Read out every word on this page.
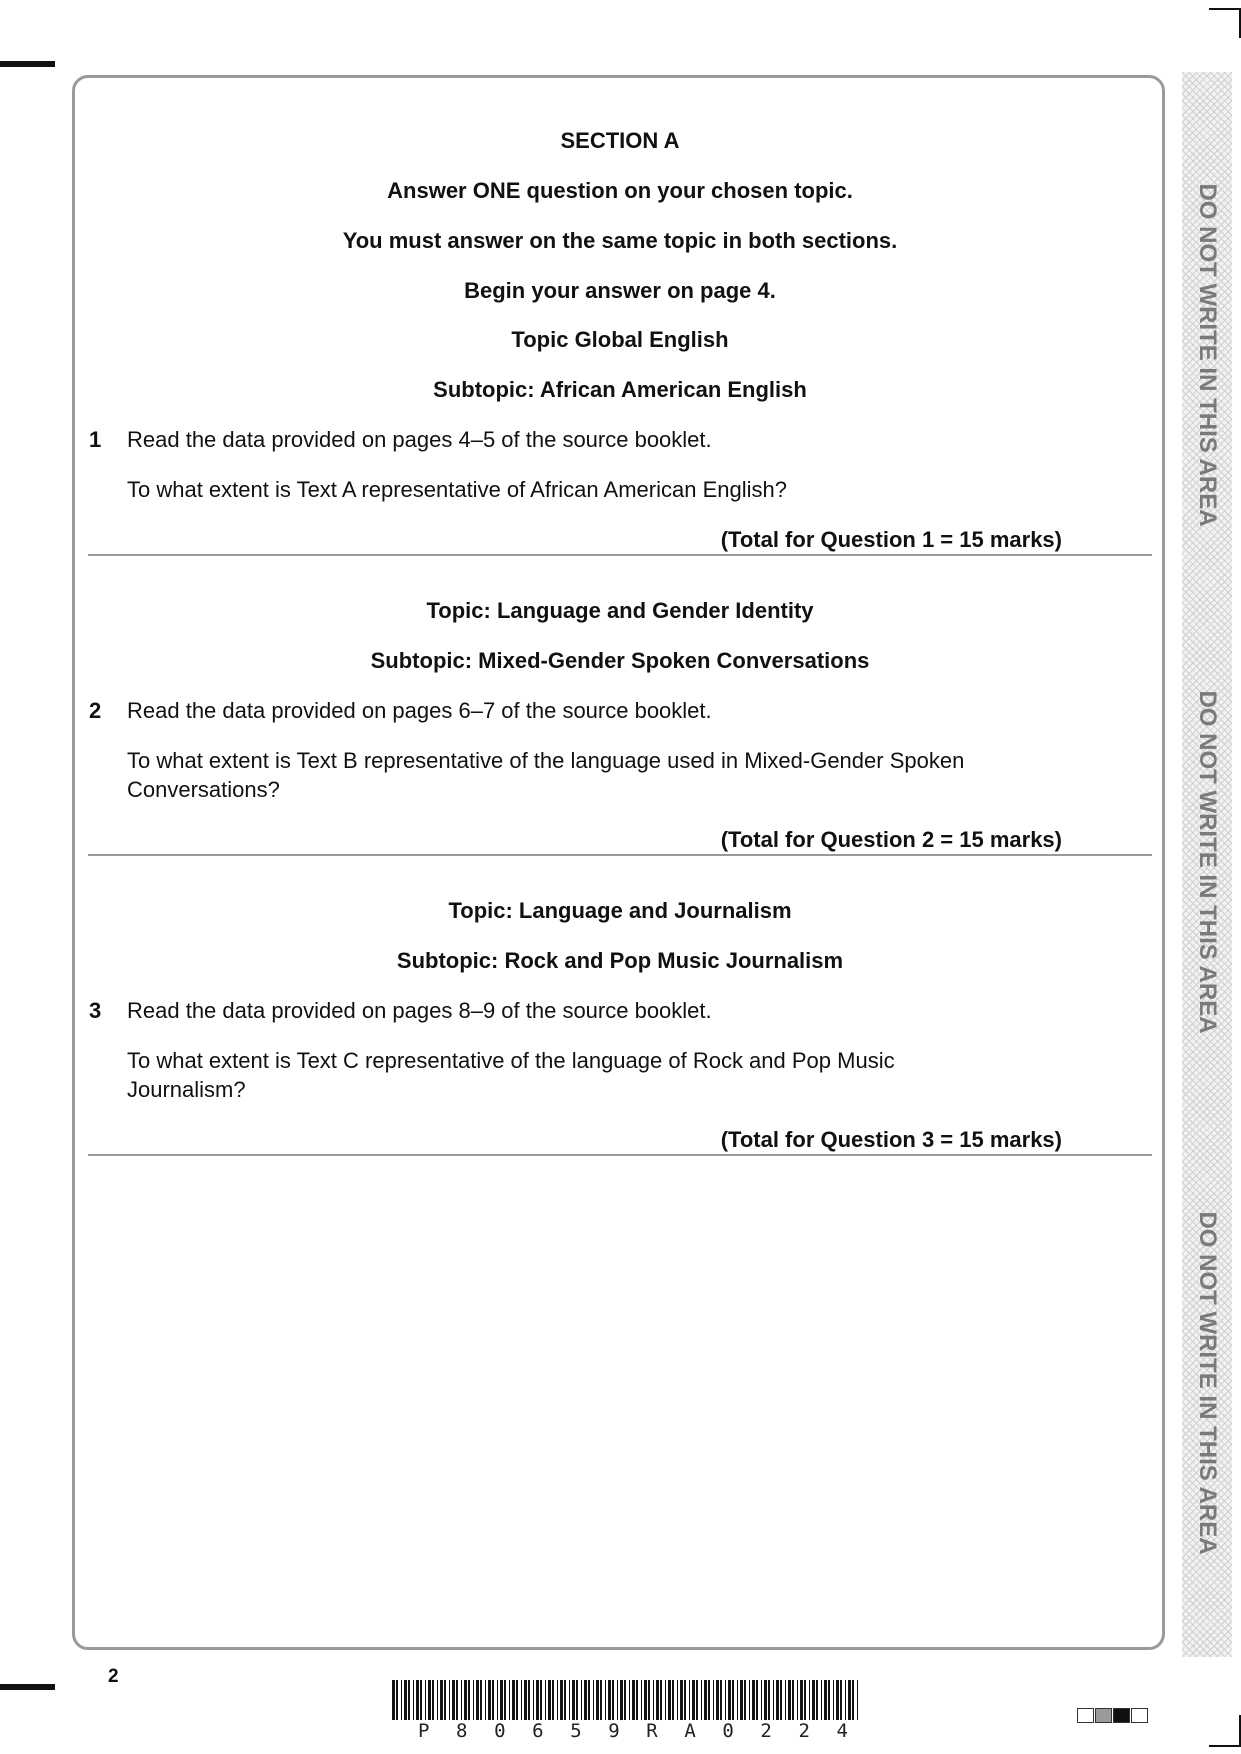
SECTION A
Answer ONE question on your chosen topic.
You must answer on the same topic in both sections.
Begin your answer on page 4.
Topic Global English
Subtopic: African American English
1 Read the data provided on pages 4–5 of the source booklet.
To what extent is Text A representative of African American English?
(Total for Question 1 = 15 marks)
Topic: Language and Gender Identity
Subtopic: Mixed-Gender Spoken Conversations
2 Read the data provided on pages 6–7 of the source booklet.
To what extent is Text B representative of the language used in Mixed-Gender Spoken Conversations?
(Total for Question 2 = 15 marks)
Topic: Language and Journalism
Subtopic: Rock and Pop Music Journalism
3 Read the data provided on pages 8–9 of the source booklet.
To what extent is Text C representative of the language of Rock and Pop Music Journalism?
(Total for Question 3 = 15 marks)
DO NOT WRITE IN THIS AREA
DO NOT WRITE IN THIS AREA
DO NOT WRITE IN THIS AREA
2
P 8 0 6 5 9 R A 0 2 2 4
